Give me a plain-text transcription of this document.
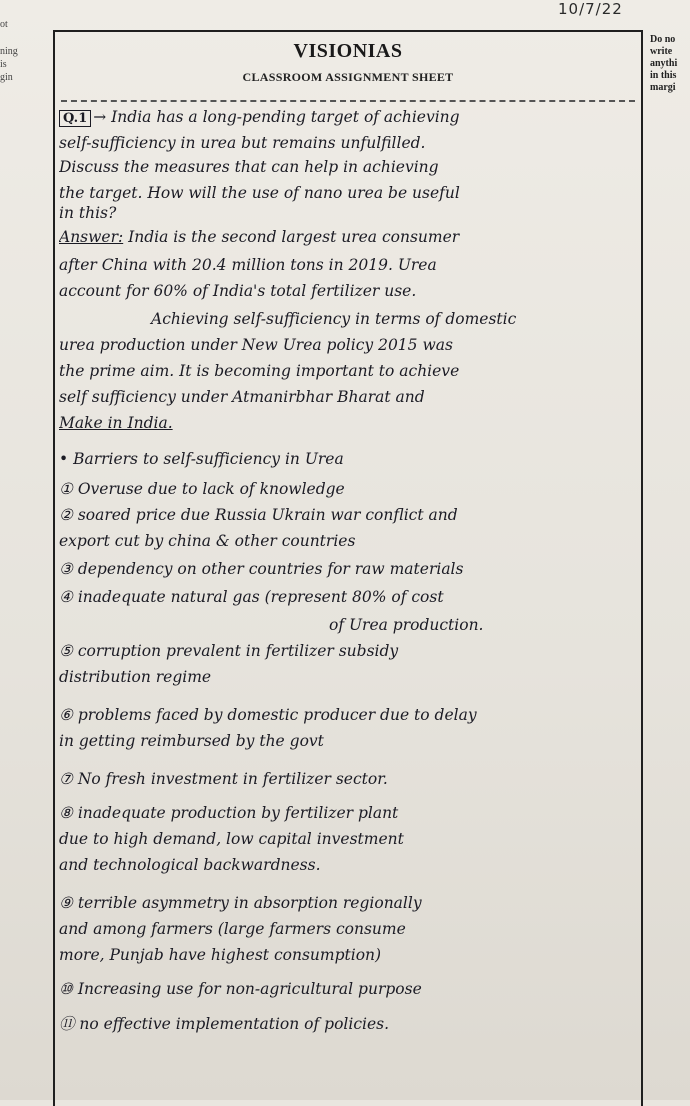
ot
ning
is
gin
10/7/22
Do no
write
anythi
in this
margi
VISIONIAS
CLASSROOM ASSIGNMENT SHEET
Q.1 → India has a long-pending target of achieving
self-sufficiency in urea but remains unfulfilled.
Discuss the measures that can help in achieving
the target. How will the use of nano urea be useful
in this?
Answer: India is the second largest urea consumer
after China with 20.4 million tons in 2019. Urea
account for 60% of India's total fertilizer use.
Achieving self-sufficiency in terms of domestic
urea production under New Urea policy 2015 was
the prime aim. It is becoming important to achieve
self sufficiency under Atmanirbhar Bharat and
Make in India.
• Barriers to self-sufficiency in Urea
① Overuse due to lack of knowledge
② soared price due Russia Ukrain war conflict and
export cut by china & other countries
③ dependency on other countries for raw materials
④ inadequate natural gas (represent 80% of cost
of Urea production.
⑤ corruption prevalent in fertilizer subsidy
distribution regime
⑥ problems faced by domestic producer due to delay
in getting reimbursed by the govt
⑦ No fresh investment in fertilizer sector.
⑧ inadequate production by fertilizer plant
due to high demand, low capital investment
and technological backwardness.
⑨ terrible asymmetry in absorption regionally
and among farmers (large farmers consume
more, Punjab have highest consumption)
⑩ Increasing use for non-agricultural purpose
⑪ no effective implementation of policies.
